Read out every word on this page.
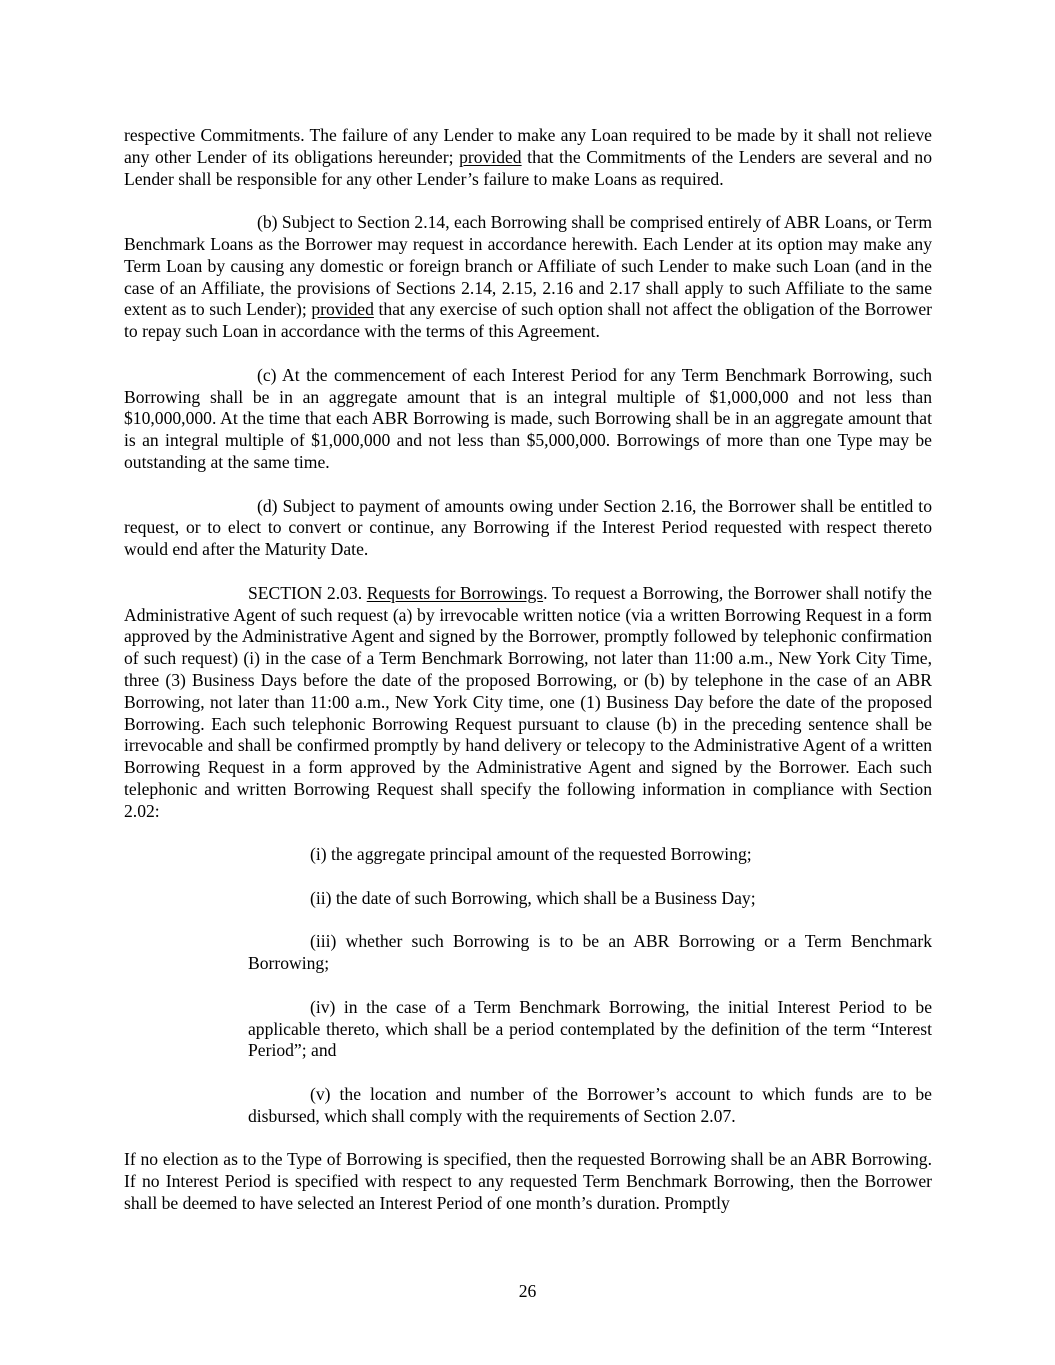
respective Commitments. The failure of any Lender to make any Loan required to be made by it shall not relieve any other Lender of its obligations hereunder; provided that the Commitments of the Lenders are several and no Lender shall be responsible for any other Lender’s failure to make Loans as required.

(b) Subject to Section 2.14, each Borrowing shall be comprised entirely of ABR Loans, or Term Benchmark Loans as the Borrower may request in accordance herewith. Each Lender at its option may make any Term Loan by causing any domestic or foreign branch or Affiliate of such Lender to make such Loan (and in the case of an Affiliate, the provisions of Sections 2.14, 2.15, 2.16 and 2.17 shall apply to such Affiliate to the same extent as to such Lender); provided that any exercise of such option shall not affect the obligation of the Borrower to repay such Loan in accordance with the terms of this Agreement.

(c) At the commencement of each Interest Period for any Term Benchmark Borrowing, such Borrowing shall be in an aggregate amount that is an integral multiple of $1,000,000 and not less than $10,000,000. At the time that each ABR Borrowing is made, such Borrowing shall be in an aggregate amount that is an integral multiple of $1,000,000 and not less than $5,000,000. Borrowings of more than one Type may be outstanding at the same time.

(d) Subject to payment of amounts owing under Section 2.16, the Borrower shall be entitled to request, or to elect to convert or continue, any Borrowing if the Interest Period requested with respect thereto would end after the Maturity Date.

SECTION 2.03. Requests for Borrowings. To request a Borrowing, the Borrower shall notify the Administrative Agent of such request (a) by irrevocable written notice (via a written Borrowing Request in a form approved by the Administrative Agent and signed by the Borrower, promptly followed by telephonic confirmation of such request) (i) in the case of a Term Benchmark Borrowing, not later than 11:00 a.m., New York City Time, three (3) Business Days before the date of the proposed Borrowing, or (b) by telephone in the case of an ABR Borrowing, not later than 11:00 a.m., New York City time, one (1) Business Day before the date of the proposed Borrowing. Each such telephonic Borrowing Request pursuant to clause (b) in the preceding sentence shall be irrevocable and shall be confirmed promptly by hand delivery or telecopy to the Administrative Agent of a written Borrowing Request in a form approved by the Administrative Agent and signed by the Borrower. Each such telephonic and written Borrowing Request shall specify the following information in compliance with Section 2.02:

(i) the aggregate principal amount of the requested Borrowing;

(ii) the date of such Borrowing, which shall be a Business Day;

(iii) whether such Borrowing is to be an ABR Borrowing or a Term Benchmark Borrowing;

(iv) in the case of a Term Benchmark Borrowing, the initial Interest Period to be applicable thereto, which shall be a period contemplated by the definition of the term “Interest Period”; and

(v) the location and number of the Borrower’s account to which funds are to be disbursed, which shall comply with the requirements of Section 2.07.

If no election as to the Type of Borrowing is specified, then the requested Borrowing shall be an ABR Borrowing. If no Interest Period is specified with respect to any requested Term Benchmark Borrowing, then the Borrower shall be deemed to have selected an Interest Period of one month’s duration. Promptly

26
